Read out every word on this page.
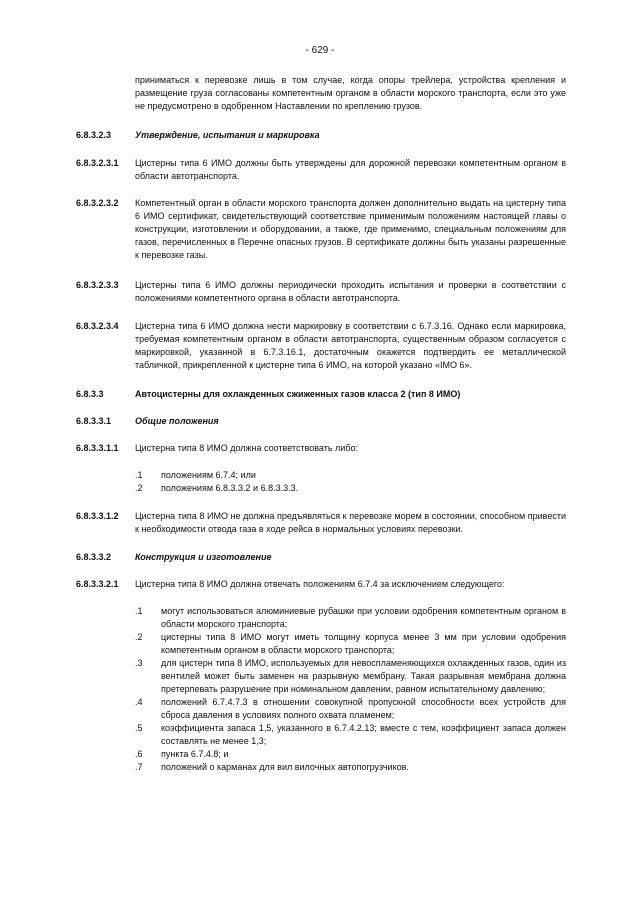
- 629 -
приниматься к перевозке лишь в том случае, когда опоры трейлера, устройства крепления и размещение груза согласованы компетентным органом в области морского транспорта, если это уже не предусмотрено в одобренном Наставлении по креплению грузов.
6.8.3.2.3	Утверждение, испытания и маркировка
6.8.3.2.3.1 Цистерны типа 6 ИМО должны быть утверждены для дорожной перевозки компетентным органом в области автотранспорта.
6.8.3.2.3.2 Компетентный орган в области морского транспорта должен дополнительно выдать на цистерну типа 6 ИМО сертификат, свидетельствующий соответствие применимым положениям настоящей главы о конструкции, изготовлении и оборудовании, а также, где применимо, специальным положениям для газов, перечисленных в Перечне опасных грузов. В сертификате должны быть указаны разрешенные к перевозке газы.
6.8.3.2.3.3 Цистерны типа 6 ИМО должны периодически проходить испытания и проверки в соответствии с положениями компетентного органа в области автотранспорта.
6.8.3.2.3.4 Цистерна типа 6 ИМО должна нести маркировку в соответствии с 6.7.3.16. Однако если маркировка, требуемая компетентным органом в области автотранспорта, существенным образом согласуется с маркировкой, указанной в 6.7.3.16.1, достаточным окажется подтвердить ее металлической табличкой, прикрепленной к цистерне типа 6 ИМО, на которой указано «IMO 6».
6.8.3.3	Автоцистерны для охлажденных сжиженных газов класса 2 (тип 8 ИМО)
6.8.3.3.1	Общие положения
6.8.3.3.1.1 Цистерна типа 8 ИМО должна соответствовать либо:
.1	положениям 6.7.4; или
.2	положениям 6.8.3.3.2 и 6.8.3.3.3.
6.8.3.3.1.2 Цистерна типа 8 ИМО не должна предъявляться к перевозке морем в состоянии, способном привести к необходимости отвода газа в ходе рейса в нормальных условиях перевозки.
6.8.3.3.2	Конструкция и изготовление
6.8.3.3.2.1 Цистерна типа 8 ИМО должна отвечать положениям 6.7.4 за исключением следующего:
.1	могут использоваться алюминиевые рубашки при условии одобрения компетентным органом в области морского транспорта;
.2	цистерны типа 8 ИМО могут иметь толщину корпуса менее 3 мм при условии одобрения компетентным органом в области морского транспорта;
.3	для цистерн типа 8 ИМО, используемых для невоспламеняющихся охлажденных газов, один из вентилей может быть заменен на разрывную мембрану. Такая разрывная мембрана должна претерпевать разрушение при номинальном давлении, равном испытательному давлению;
.4	положений 6.7.4.7.3 в отношении совокупной пропускной способности всех устройств для сброса давления в условиях полного охвата пламенем;
.5	коэффициента запаса 1,5, указанного в 6.7.4.2.13; вместе с тем, коэффициент запаса должен составлять не менее 1,3;
.6	пункта 6.7.4.8; и
.7	положений о карманах для вил вилочных автопогрузчиков.
